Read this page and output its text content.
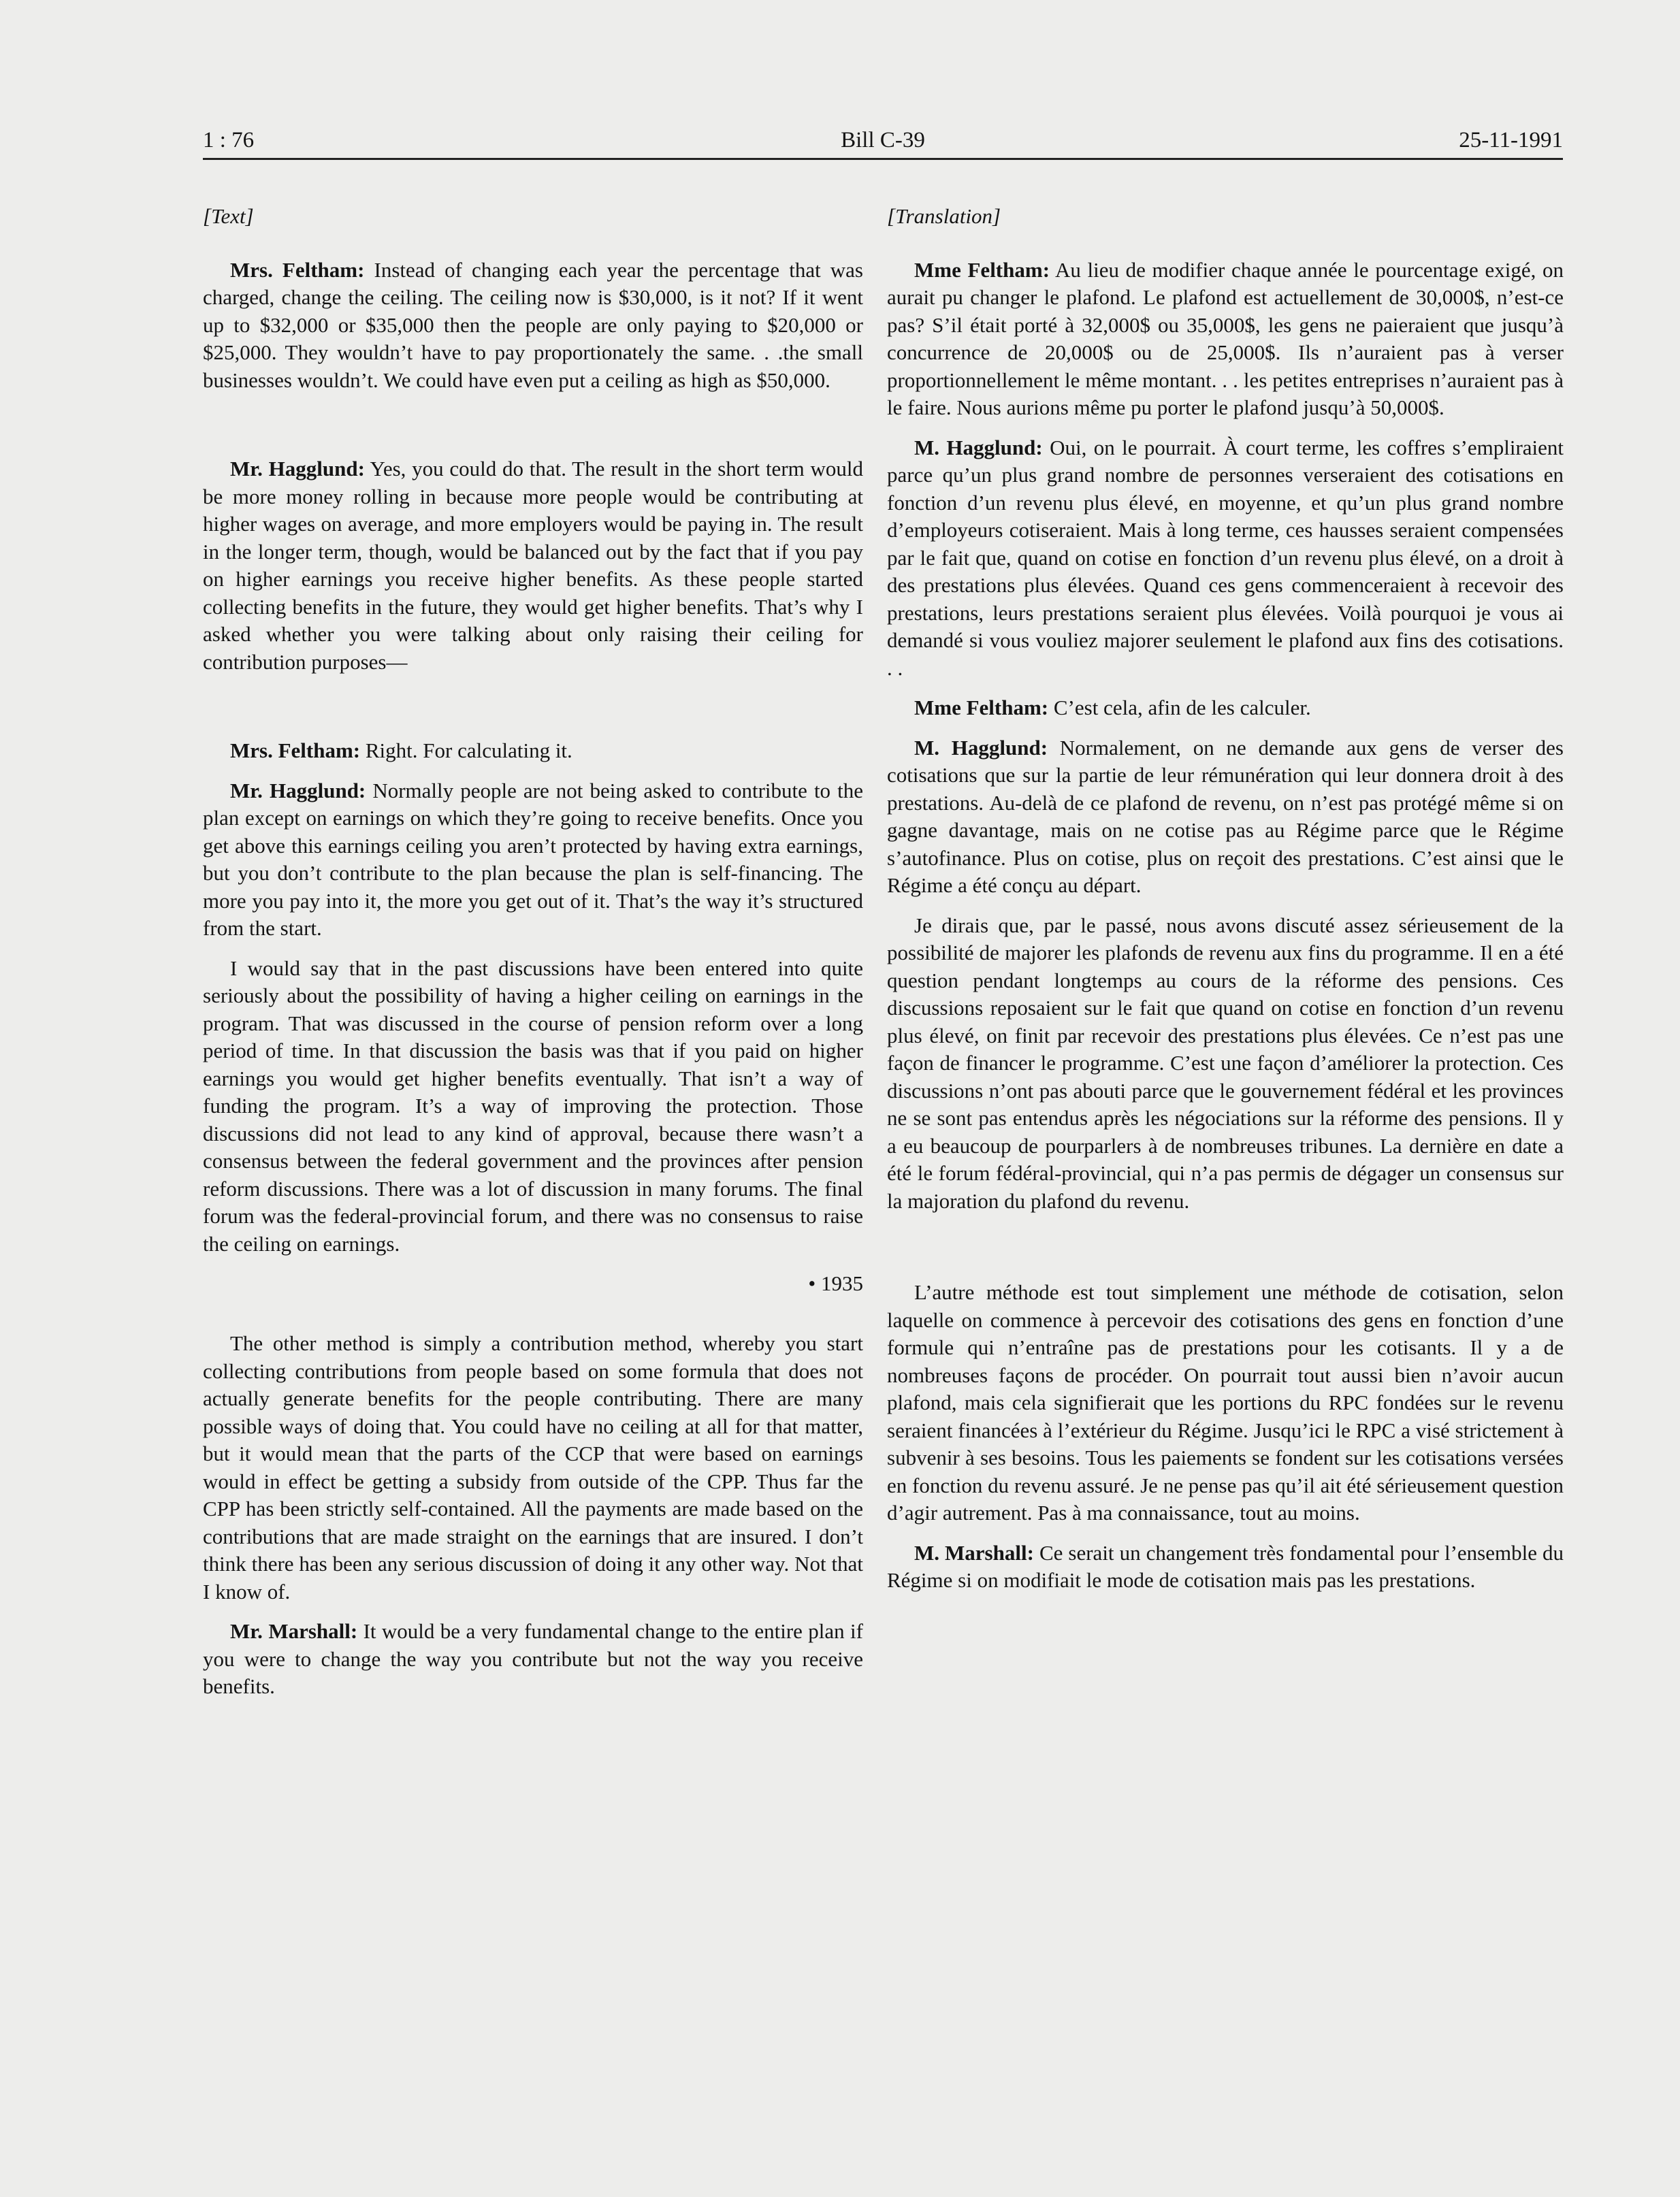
1 : 76	Bill C-39	25-11-1991
[Text]

Mrs. Feltham: Instead of changing each year the percentage that was charged, change the ceiling. The ceiling now is $30,000, is it not? If it went up to $32,000 or $35,000 then the people are only paying to $20,000 or $25,000. They wouldn’t have to pay proportionately the same. . .the small businesses wouldn’t. We could have even put a ceiling as high as $50,000.

Mr. Hagglund: Yes, you could do that. The result in the short term would be more money rolling in because more people would be contributing at higher wages on average, and more employers would be paying in. The result in the longer term, though, would be balanced out by the fact that if you pay on higher earnings you receive higher benefits. As these people started collecting benefits in the future, they would get higher benefits. That’s why I asked whether you were talking about only raising their ceiling for contribution purposes—

Mrs. Feltham: Right. For calculating it.

Mr. Hagglund: Normally people are not being asked to contribute to the plan except on earnings on which they’re going to receive benefits. Once you get above this earnings ceiling you aren’t protected by having extra earnings, but you don’t contribute to the plan because the plan is self-financing. The more you pay into it, the more you get out of it. That’s the way it’s structured from the start.

I would say that in the past discussions have been entered into quite seriously about the possibility of having a higher ceiling on earnings in the program. That was discussed in the course of pension reform over a long period of time. In that discussion the basis was that if you paid on higher earnings you would get higher benefits eventually. That isn’t a way of funding the program. It’s a way of improving the protection. Those discussions did not lead to any kind of approval, because there wasn’t a consensus between the federal government and the provinces after pension reform discussions. There was a lot of discussion in many forums. The final forum was the federal-provincial forum, and there was no consensus to raise the ceiling on earnings.

• 1935

The other method is simply a contribution method, whereby you start collecting contributions from people based on some formula that does not actually generate benefits for the people contributing. There are many possible ways of doing that. You could have no ceiling at all for that matter, but it would mean that the parts of the CCP that were based on earnings would in effect be getting a subsidy from outside of the CPP. Thus far the CPP has been strictly self-contained. All the payments are made based on the contributions that are made straight on the earnings that are insured. I don’t think there has been any serious discussion of doing it any other way. Not that I know of.

Mr. Marshall: It would be a very fundamental change to the entire plan if you were to change the way you contribute but not the way you receive benefits.

[Translation]

Mme Feltham: Au lieu de modifier chaque année le pourcentage exigé, on aurait pu changer le plafond. Le plafond est actuellement de 30,000$, n’est-ce pas? S’il était porté à 32,000$ ou 35,000$, les gens ne paieraient que jusqu’à concurrence de 20,000$ ou de 25,000$. Ils n’auraient pas à verser proportionnellement le même montant. . . les petites entreprises n’auraient pas à le faire. Nous aurions même pu porter le plafond jusqu’à 50,000$.

M. Hagglund: Oui, on le pourrait. À court terme, les coffres s’empliraient parce qu’un plus grand nombre de personnes verseraient des cotisations en fonction d’un revenu plus élevé, en moyenne, et qu’un plus grand nombre d’employeurs cotiseraient. Mais à long terme, ces hausses seraient compensées par le fait que, quand on cotise en fonction d’un revenu plus élevé, on a droit à des prestations plus élevées. Quand ces gens commenceraient à recevoir des prestations, leurs prestations seraient plus élevées. Voilà pourquoi je vous ai demandé si vous vouliez majorer seulement le plafond aux fins des cotisations. . .

Mme Feltham: C’est cela, afin de les calculer.

M. Hagglund: Normalement, on ne demande aux gens de verser des cotisations que sur la partie de leur rémunération qui leur donnera droit à des prestations. Au-delà de ce plafond de revenu, on n’est pas protégé même si on gagne davantage, mais on ne cotise pas au Régime parce que le Régime s’autofinance. Plus on cotise, plus on reçoit des prestations. C’est ainsi que le Régime a été conçu au départ.

Je dirais que, par le passé, nous avons discuté assez sérieusement de la possibilité de majorer les plafonds de revenu aux fins du programme. Il en a été question pendant longtemps au cours de la réforme des pensions. Ces discussions reposaient sur le fait que quand on cotise en fonction d’un revenu plus élevé, on finit par recevoir des prestations plus élevées. Ce n’est pas une façon de financer le programme. C’est une façon d’améliorer la protection. Ces discussions n’ont pas abouti parce que le gouvernement fédéral et les provinces ne se sont pas entendus après les négociations sur la réforme des pensions. Il y a eu beaucoup de pourparlers à de nombreuses tribunes. La dernière en date a été le forum fédéral-provincial, qui n’a pas permis de dégager un consensus sur la majoration du plafond du revenu.

L’autre méthode est tout simplement une méthode de cotisation, selon laquelle on commence à percevoir des cotisations des gens en fonction d’une formule qui n’entraîne pas de prestations pour les cotisants. Il y a de nombreuses façons de procéder. On pourrait tout aussi bien n’avoir aucun plafond, mais cela signifierait que les portions du RPC fondées sur le revenu seraient financées à l’extérieur du Régime. Jusqu’ici le RPC a visé strictement à subvenir à ses besoins. Tous les paiements se fondent sur les cotisations versées en fonction du revenu assuré. Je ne pense pas qu’il ait été sérieusement question d’agir autrement. Pas à ma connaissance, tout au moins.

M. Marshall: Ce serait un changement très fondamental pour l’ensemble du Régime si on modifiait le mode de cotisation mais pas les prestations.
